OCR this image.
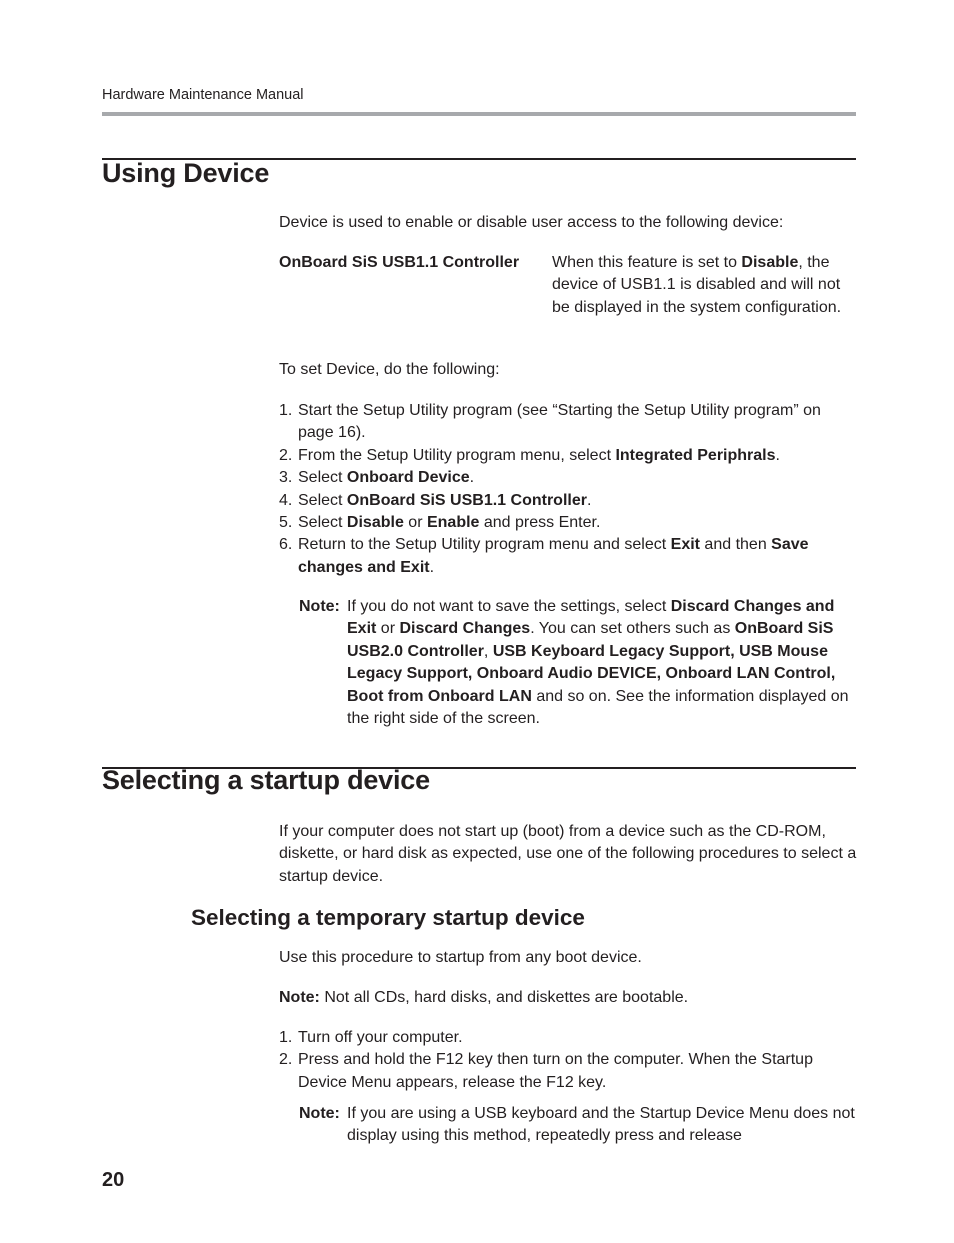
Hardware Maintenance Manual
Using Device
Device is used to enable or disable user access to the following device:
OnBoard SiS USB1.1 Controller	When this feature is set to Disable, the device of USB1.1 is disabled and will not be displayed in the system configuration.
To set Device, do the following:
1. Start the Setup Utility program (see “Starting the Setup Utility program” on page 16).
2. From the Setup Utility program menu, select Integrated Periphrals.
3. Select Onboard Device.
4. Select OnBoard SiS USB1.1 Controller.
5. Select Disable or Enable and press Enter.
6. Return to the Setup Utility program menu and select Exit and then Save changes and Exit.
Note: If you do not want to save the settings, select Discard Changes and Exit or Discard Changes. You can set others such as OnBoard SiS USB2.0 Controller, USB Keyboard Legacy Support, USB Mouse Legacy Support, Onboard Audio DEVICE, Onboard LAN Control, Boot from Onboard LAN and so on. See the information displayed on the right side of the screen.
Selecting a startup device
If your computer does not start up (boot) from a device such as the CD-ROM, diskette, or hard disk as expected, use one of the following procedures to select a startup device.
Selecting a temporary startup device
Use this procedure to startup from any boot device.
Note: Not all CDs, hard disks, and diskettes are bootable.
1. Turn off your computer.
2. Press and hold the F12 key then turn on the computer. When the Startup Device Menu appears, release the F12 key.
Note: If you are using a USB keyboard and the Startup Device Menu does not display using this method, repeatedly press and release
20
